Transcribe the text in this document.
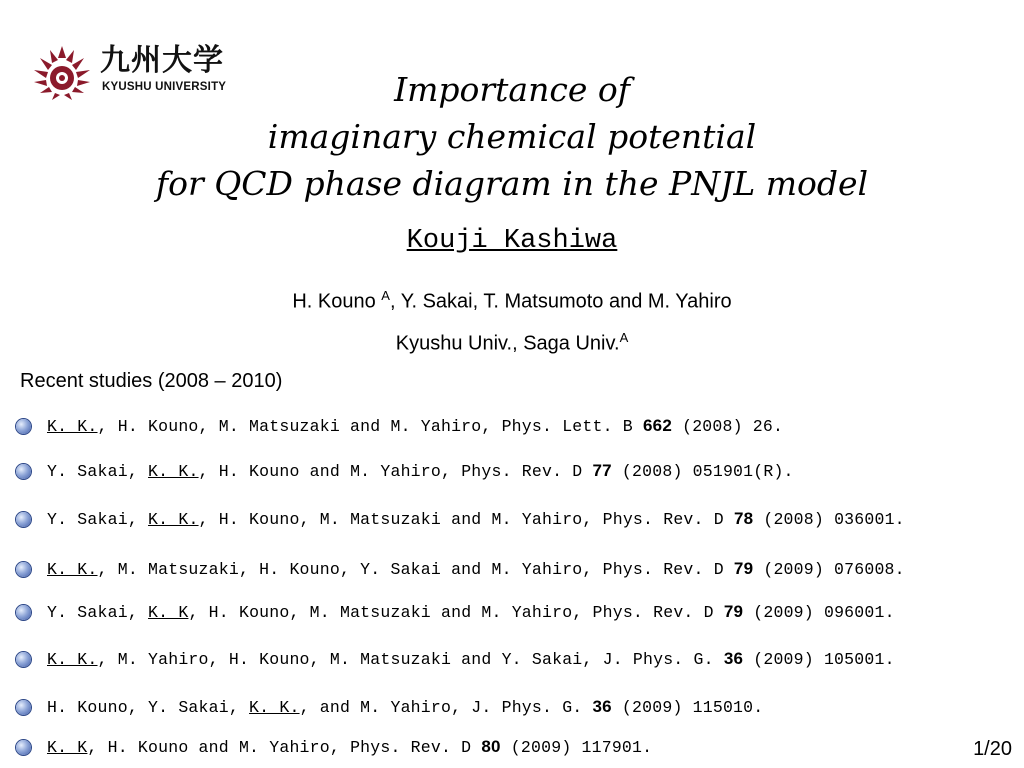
九州大学
KYUSHU UNIVERSITY	Importance of
imaginary chemical potential
for QCD phase diagram in the PNJL model
Kouji Kashiwa
H. Kouno $^A$, Y. Sakai, T. Matsumoto and M. Yahiro
Kyushu Univ., Saga Univ.$^A$
Recent studies (2008 – 2010)
K. K., H. Kouno, M. Matsuzaki and M. Yahiro, Phys. Lett. B 662 (2008) 26.
Y. Sakai, K. K., H. Kouno and M. Yahiro, Phys. Rev. D 77 (2008) 051901(R).
Y. Sakai, K. K., H. Kouno, M. Matsuzaki and M. Yahiro, Phys. Rev. D 78 (2008) 036001.
K. K., M. Matsuzaki, H. Kouno, Y. Sakai and M. Yahiro, Phys. Rev. D 79 (2009) 076008.
Y. Sakai, K. K, H. Kouno, M. Matsuzaki and M. Yahiro, Phys. Rev. D 79 (2009) 096001.
K. K., M. Yahiro, H. Kouno, M. Matsuzaki and Y. Sakai, J. Phys. G. 36 (2009) 105001.
H. Kouno, Y. Sakai, K. K., and M. Yahiro, J. Phys. G. 36 (2009) 115010.
K. K, H. Kouno and M. Yahiro, Phys. Rev. D 80 (2009) 117901.	1/20
